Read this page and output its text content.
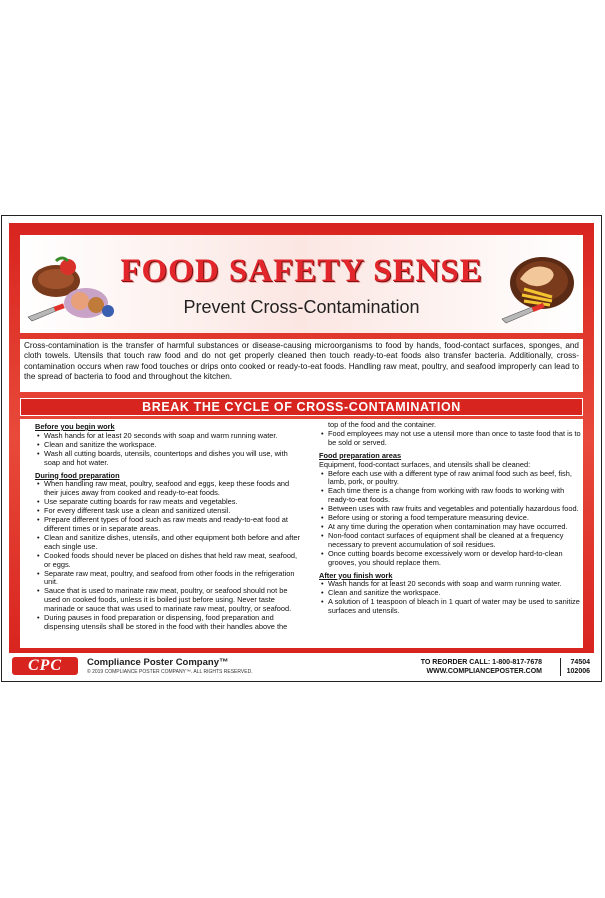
FOOD SAFETY SENSE
Prevent Cross-Contamination
Cross-contamination is the transfer of harmful substances or disease-causing microorganisms to food by hands, food-contact surfaces, sponges, and cloth towels. Utensils that touch raw food and do not get properly cleaned then touch ready-to-eat foods also transfer bacteria. Additionally, cross-contamination occurs when raw food touches or drips onto cooked or ready-to-eat foods. Handling raw meat, poultry, and seafood improperly can lead to the spread of bacteria to food and throughout the kitchen.
BREAK THE CYCLE OF CROSS-CONTAMINATION
Before you begin work
• Wash hands for at least 20 seconds with soap and warm running water.
• Clean and sanitize the workspace.
• Wash all cutting boards, utensils, countertops and dishes you will use, with soap and hot water.
During food preparation
• When handling raw meat, poultry, seafood and eggs, keep these foods and their juices away from cooked and ready-to-eat foods.
• Use separate cutting boards for raw meats and vegetables.
• For every different task use a clean and sanitized utensil.
• Prepare different types of food such as raw meats and ready-to-eat food at different times or in separate areas.
• Clean and sanitize dishes, utensils, and other equipment both before and after each single use.
• Cooked foods should never be placed on dishes that held raw meat, seafood, or eggs.
• Separate raw meat, poultry, and seafood from other foods in the refrigeration unit.
• Sauce that is used to marinate raw meat, poultry, or seafood should not be used on cooked foods, unless it is boiled just before using. Never taste marinade or sauce that was used to marinate raw meat, poultry, or seafood.
• During pauses in food preparation or dispensing, food preparation and dispensing utensils shall be stored in the food with their handles above the
top of the food and the container.
• Food employees may not use a utensil more than once to taste food that is to be sold or served.
Food preparation areas
Equipment, food-contact surfaces, and utensils shall be cleaned:
• Before each use with a different type of raw animal food such as beef, fish, lamb, pork, or poultry.
• Each time there is a change from working with raw foods to working with ready-to-eat foods.
• Between uses with raw fruits and vegetables and potentially hazardous food.
• Before using or storing a food temperature measuring device.
• At any time during the operation when contamination may have occurred.
• Non-food contact surfaces of equipment shall be cleaned at a frequency necessary to prevent accumulation of soil residues.
• Once cutting boards become excessively worn or develop hard-to-clean grooves, you should replace them.
After you finish work
• Wash hands for at least 20 seconds with soap and warm running water.
• Clean and sanitize the workspace.
• A solution of 1 teaspoon of bleach in 1 quart of water may be used to sanitize surfaces and utensils.
CPC	Compliance Poster Company™
© 2019 COMPLIANCE POSTER COMPANY™. ALL RIGHTS RESERVED.
TO REORDER CALL: 1-800-817-7678
WWW.COMPLIANCEPOSTER.COM
74504
102006
